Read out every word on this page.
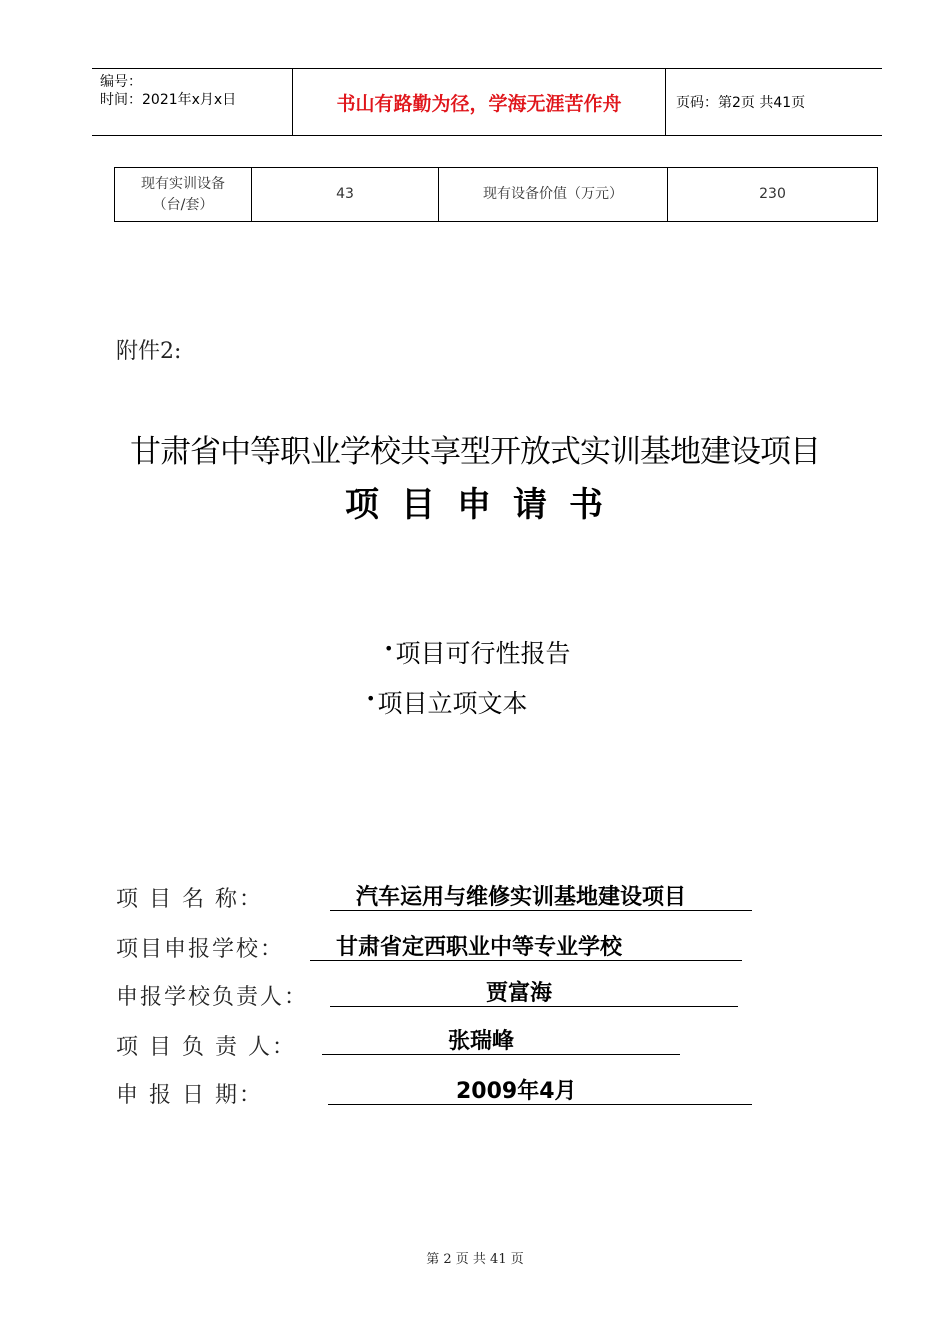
编号：
时间：2021年x月x日	书山有路勤为径，学海无涯苦作舟	页码：第2页 共41页
现有实训设备
（台/套）	43	现有设备价值（万元）	230
附件2:
甘肃省中等职业学校共享型开放式实训基地建设项目
项目申请书
•项目可行性报告
•项目立项文本
项 目 名 称：	汽车运用与维修实训基地建设项目
项目申报学校： 甘肃省定西职业中等专业学校
申报学校负责人：	贾富海
项 目 负 责 人：	张瑞峰
申 报 日 期：	2009年4月
第 2 页 共 41 页
